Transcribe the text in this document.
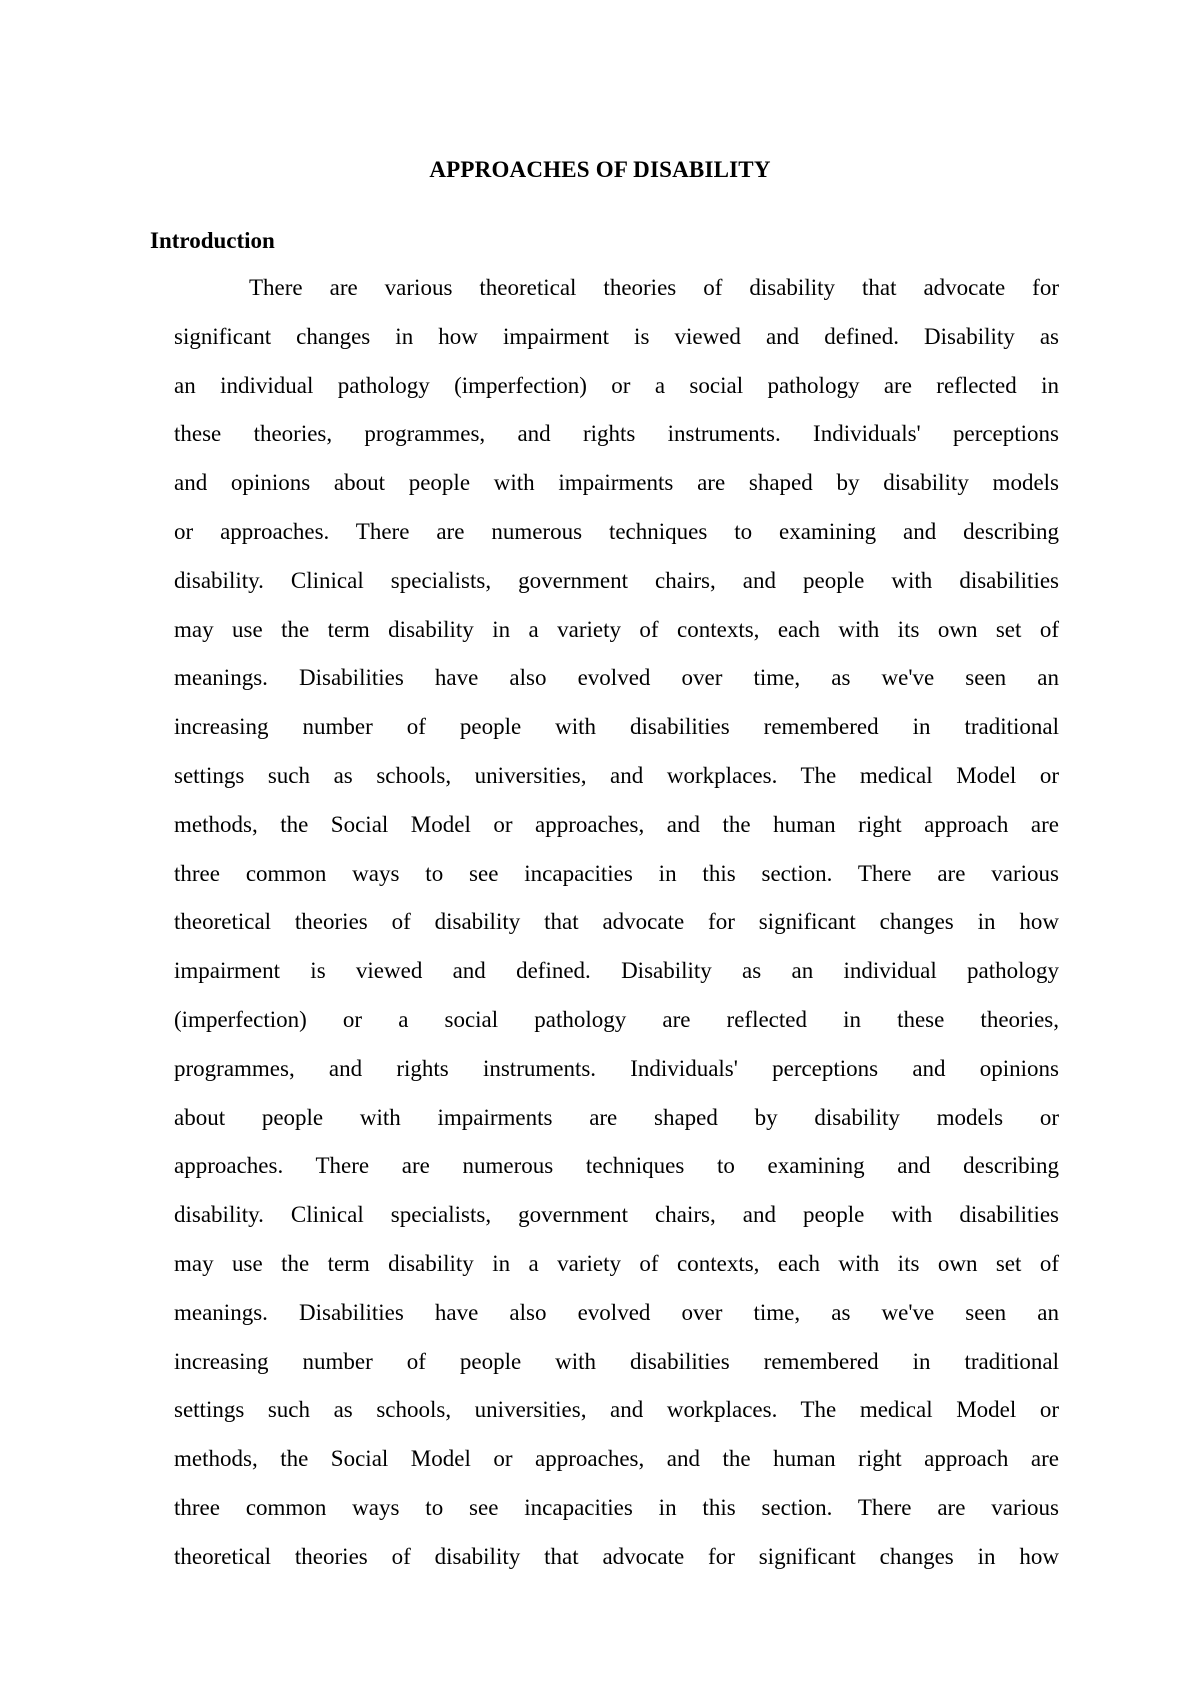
APPROACHES OF DISABILITY
Introduction
There are various theoretical theories of disability that advocate for
significant changes in how impairment is viewed and defined. Disability as
an individual pathology (imperfection) or a social pathology are reflected in
these theories, programmes, and rights instruments. Individuals' perceptions
and opinions about people with impairments are shaped by disability models
or approaches. There are numerous techniques to examining and describing
disability. Clinical specialists, government chairs, and people with disabilities
may use the term disability in a variety of contexts, each with its own set of
meanings. Disabilities have also evolved over time, as we've seen an
increasing number of people with disabilities remembered in traditional
settings such as schools, universities, and workplaces. The medical Model or
methods, the Social Model or approaches, and the human right approach are
three common ways to see incapacities in this section. There are various
theoretical theories of disability that advocate for significant changes in how
impairment is viewed and defined. Disability as an individual pathology
(imperfection) or a social pathology are reflected in these theories,
programmes, and rights instruments. Individuals' perceptions and opinions
about people with impairments are shaped by disability models or
approaches. There are numerous techniques to examining and describing
disability. Clinical specialists, government chairs, and people with disabilities
may use the term disability in a variety of contexts, each with its own set of
meanings. Disabilities have also evolved over time, as we've seen an
increasing number of people with disabilities remembered in traditional
settings such as schools, universities, and workplaces. The medical Model or
methods, the Social Model or approaches, and the human right approach are
three common ways to see incapacities in this section. There are various
theoretical theories of disability that advocate for significant changes in how
